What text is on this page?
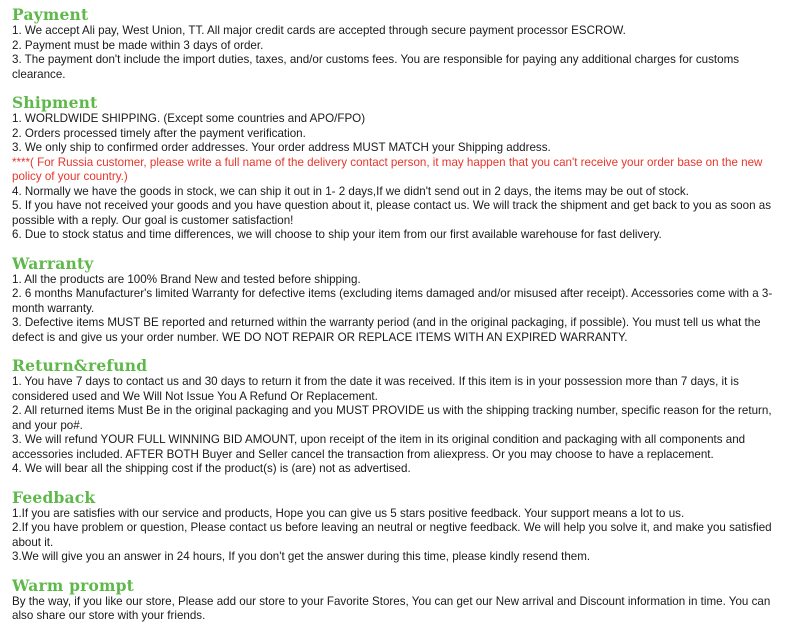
Payment
1. We accept Ali pay, West Union, TT. All major credit cards are accepted through secure payment processor ESCROW.
2. Payment must be made within 3 days of order.
3. The payment don't include the import duties, taxes, and/or customs fees. You are responsible for paying any additional charges for customs clearance.
Shipment
1. WORLDWIDE SHIPPING. (Except some countries and APO/FPO)
2. Orders processed timely after the payment verification.
3. We only ship to confirmed order addresses. Your order address MUST MATCH your Shipping address.
****( For Russia customer, please write a full name of the delivery contact person, it may happen that you can't receive your order base on the new policy of your country.)
4. Normally we have the goods in stock, we can ship it out in 1- 2 days,If we didn't send out in 2 days, the items may be out of stock.
5. If you have not received your goods and you have question about it, please contact us. We will track the shipment and get back to you as soon as possible with a reply. Our goal is customer satisfaction!
6. Due to stock status and time differences, we will choose to ship your item from our first available warehouse for fast delivery.
Warranty
1. All the products are 100% Brand New and tested before shipping.
2. 6 months Manufacturer's limited Warranty for defective items (excluding items damaged and/or misused after receipt). Accessories come with a 3-month warranty.
3. Defective items MUST BE reported and returned within the warranty period (and in the original packaging, if possible). You must tell us what the defect is and give us your order number. WE DO NOT REPAIR OR REPLACE ITEMS WITH AN EXPIRED WARRANTY.
Return&refund
1. You have 7 days to contact us and 30 days to return it from the date it was received. If this item is in your possession more than 7 days, it is considered used and We Will Not Issue You A Refund Or Replacement.
2. All returned items Must Be in the original packaging and you MUST PROVIDE us with the shipping tracking number, specific reason for the return, and your po#.
3. We will refund YOUR FULL WINNING BID AMOUNT, upon receipt of the item in its original condition and packaging with all components and accessories included. AFTER BOTH Buyer and Seller cancel the transaction from aliexpress. Or you may choose to have a replacement.
4. We will bear all the shipping cost if the product(s) is (are) not as advertised.
Feedback
1.If you are satisfies with our service and products, Hope you can give us 5 stars positive feedback. Your support means a lot to us.
2.If you have problem or question, Please contact us before leaving an neutral or negtive feedback. We will help you solve it, and make you satisfied about it.
3.We will give you an answer in 24 hours, If you don't get the answer during this time, please kindly resend them.
Warm prompt
By the way, if you like our store, Please add our store to your Favorite Stores, You can get our New arrival and Discount information in time. You can also share our store with your friends.
